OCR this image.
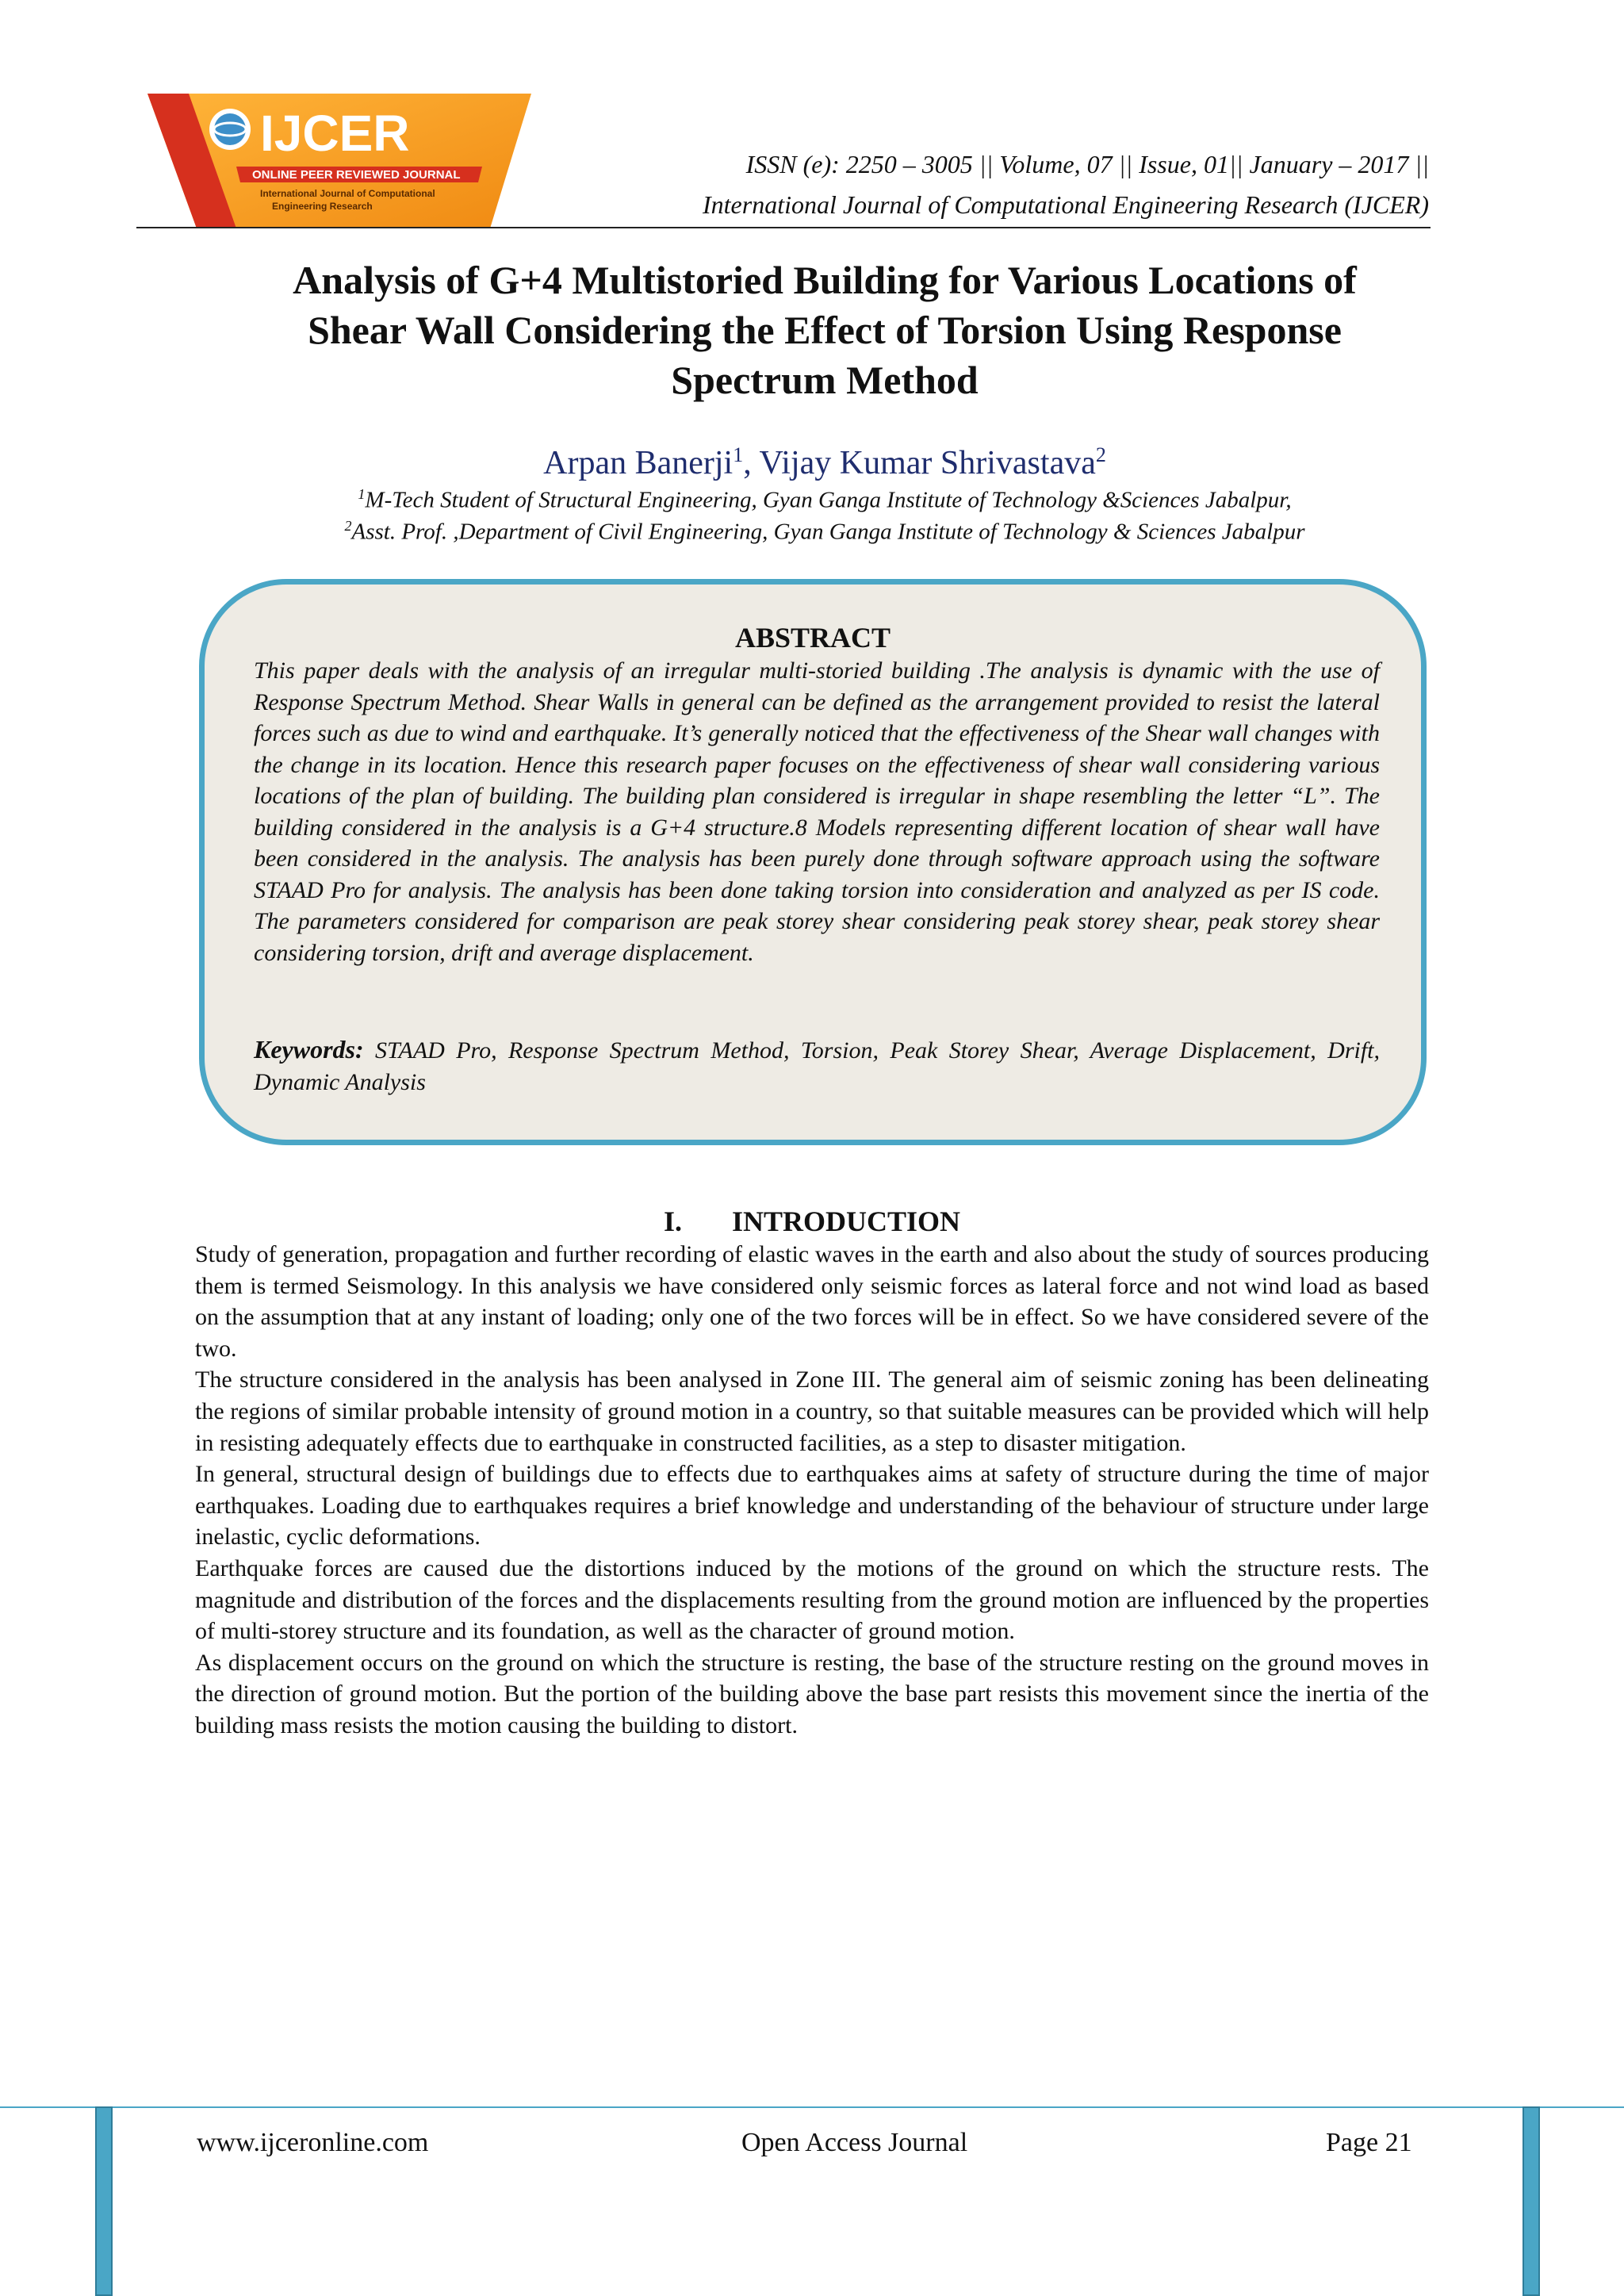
IJCER
ONLINE PEER REVIEWED JOURNAL
International Journal of Computational
Engineering Research
ISSN (e): 2250 – 3005 || Volume, 07 || Issue, 01|| January – 2017 ||
International Journal of Computational Engineering Research (IJCER)
Analysis of G+4 Multistoried Building for Various Locations of
Shear Wall Considering the Effect of Torsion Using Response
Spectrum Method
Arpan Banerji$^1$, Vijay Kumar Shrivastava$^2$
$^1$M-Tech Student of Structural Engineering, Gyan Ganga Institute of Technology &Sciences Jabalpur,
$^2$Asst. Prof. ,Department of Civil Engineering, Gyan Ganga Institute of Technology & Sciences Jabalpur
ABSTRACT
This paper deals with the analysis of an irregular multi-storied building .The analysis is dynamic with the use of Response Spectrum Method. Shear Walls in general can be defined as the arrangement provided to resist the lateral forces such as due to wind and earthquake. It’s generally noticed that the effectiveness of the Shear wall changes with the change in its location. Hence this research paper focuses on the effectiveness of shear wall considering various locations of the plan of building. The building plan considered is irregular in shape resembling the letter “L”. The building considered in the analysis is a G+4 structure.8 Models representing different location of shear wall have been considered in the analysis. The analysis has been purely done through software approach using the software STAAD Pro for analysis. The analysis has been done taking torsion into consideration and analyzed as per IS code. The parameters considered for comparison are peak storey shear considering peak storey shear, peak storey shear considering torsion, drift and average displacement.
Keywords: STAAD Pro, Response Spectrum Method, Torsion, Peak Storey Shear, Average Displacement, Drift, Dynamic Analysis
I. INTRODUCTION

Study of generation, propagation and further recording of elastic waves in the earth and also about the study of sources producing them is termed Seismology. In this analysis we have considered only seismic forces as lateral force and not wind load as based on the assumption that at any instant of loading; only one of the two forces will be in effect. So we have considered severe of the two.

The structure considered in the analysis has been analysed in Zone III. The general aim of seismic zoning has been delineating the regions of similar probable intensity of ground motion in a country, so that suitable measures can be provided which will help in resisting adequately effects due to earthquake in constructed facilities, as a step to disaster mitigation.

In general, structural design of buildings due to effects due to earthquakes aims at safety of structure during the time of major earthquakes. Loading due to earthquakes requires a brief knowledge and understanding of the behaviour of structure under large inelastic, cyclic deformations.

Earthquake forces are caused due the distortions induced by the motions of the ground on which the structure rests. The magnitude and distribution of the forces and the displacements resulting from the ground motion are influenced by the properties of multi-storey structure and its foundation, as well as the character of ground motion.

As displacement occurs on the ground on which the structure is resting, the base of the structure resting on the ground moves in the direction of ground motion. But the portion of the building above the base part resists this movement since the inertia of the building mass resists the motion causing the building to distort.

www.ijceronline.com	Open Access Journal	Page 21
